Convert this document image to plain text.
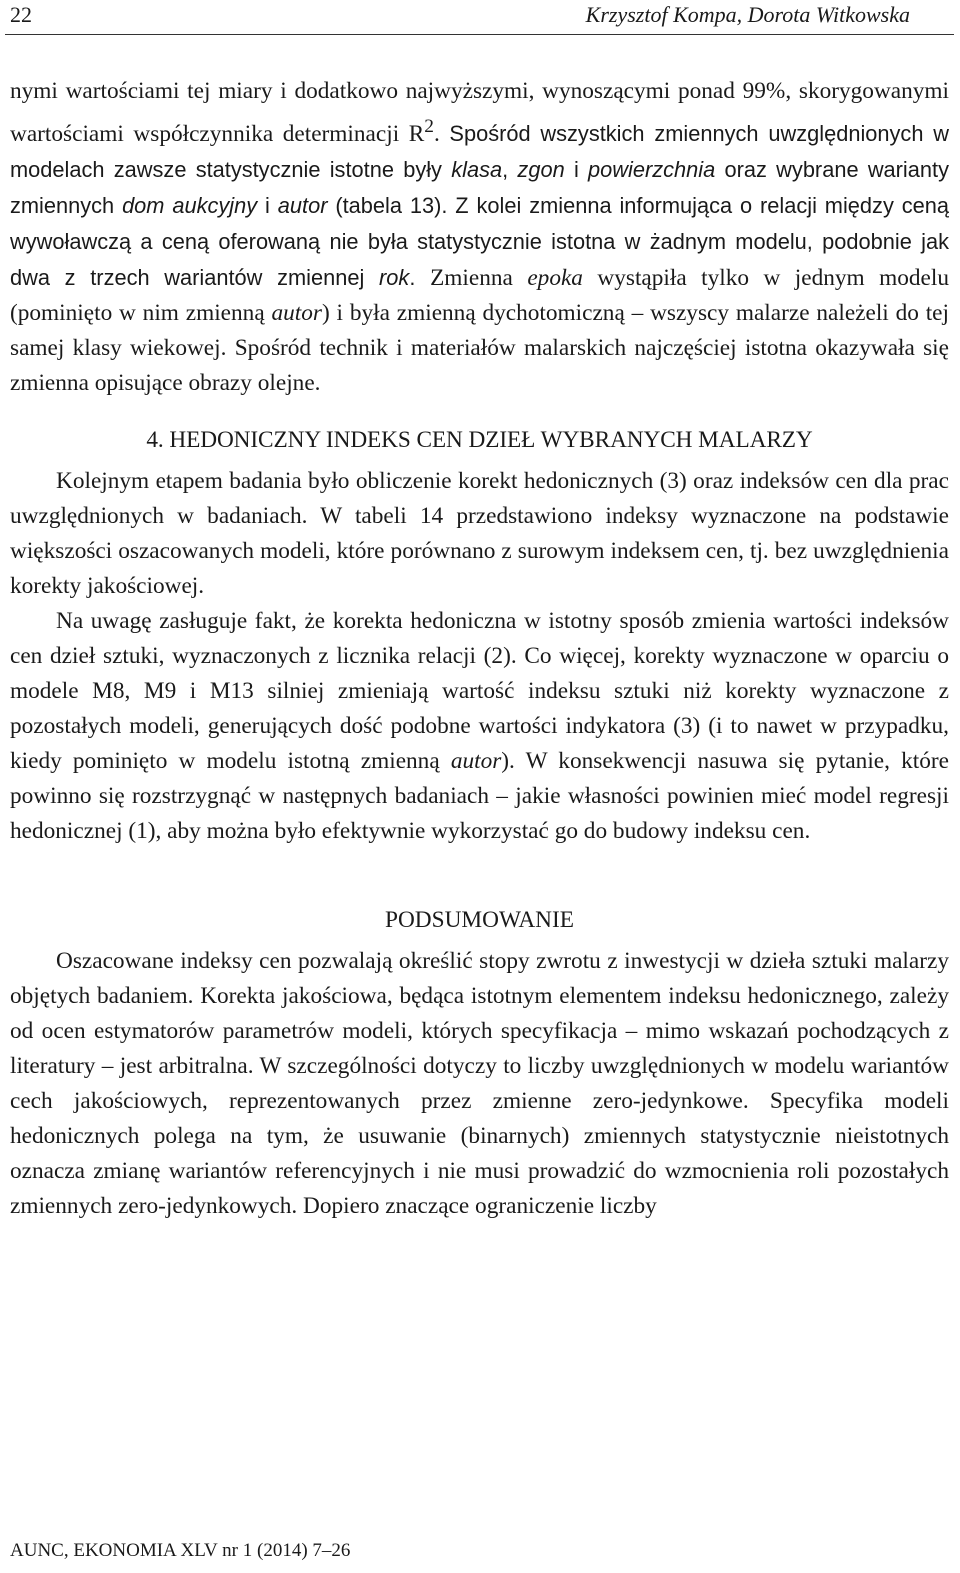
22	Krzysztof Kompa, Dorota Witkowska

nymi wartościami tej miary i dodatkowo najwyższymi, wynoszącymi ponad 99%, skorygowanymi wartościami współczynnika determinacji $R^2$. Spośród wszystkich zmiennych uwzględnionych w modelach zawsze statystycznie istotne były klasa, zgon i powierzchnia oraz wybrane warianty zmiennych dom aukcyjny i autor (tabela 13). Z kolei zmienna informująca o relacji między ceną wywoławczą a ceną oferowaną nie była statystycznie istotna w żadnym modelu, podobnie jak dwa z trzech wariantów zmiennej rok. Zmienna epoka wystąpiła tylko w jednym modelu (pominięto w nim zmienną autor) i była zmienną dychotomiczną – wszyscy malarze należeli do tej samej klasy wiekowej. Spośród technik i materiałów malarskich najczęściej istotna okazywała się zmienna opisujące obrazy olejne.

4. HEDONICZNY INDEKS CEN DZIEŁ WYBRANYCH MALARZY

Kolejnym etapem badania było obliczenie korekt hedonicznych (3) oraz indeksów cen dla prac uwzględnionych w badaniach. W tabeli 14 przedstawiono indeksy wyznaczone na podstawie większości oszacowanych modeli, które porównano z surowym indeksem cen, tj. bez uwzględnienia korekty jakościowej.

Na uwagę zasługuje fakt, że korekta hedoniczna w istotny sposób zmienia wartości indeksów cen dzieł sztuki, wyznaczonych z licznika relacji (2). Co więcej, korekty wyznaczone w oparciu o modele M8, M9 i M13 silniej zmieniają wartość indeksu sztuki niż korekty wyznaczone z pozostałych modeli, generujących dość podobne wartości indykatora (3) (i to nawet w przypadku, kiedy pominięto w modelu istotną zmienną autor). W konsekwencji nasuwa się pytanie, które powinno się rozstrzygnąć w następnych badaniach – jakie własności powinien mieć model regresji hedonicznej (1), aby można było efektywnie wykorzystać go do budowy indeksu cen.

PODSUMOWANIE

Oszacowane indeksy cen pozwalają określić stopy zwrotu z inwestycji w dzieła sztuki malarzy objętych badaniem. Korekta jakościowa, będąca istotnym elementem indeksu hedonicznego, zależy od ocen estymatorów parametrów modeli, których specyfikacja – mimo wskazań pochodzących z literatury – jest arbitralna. W szczególności dotyczy to liczby uwzględnionych w modelu wariantów cech jakościowych, reprezentowanych przez zmienne zero-jedynkowe. Specyfika modeli hedonicznych polega na tym, że usuwanie (binarnych) zmiennych statystycznie nieistotnych oznacza zmianę wariantów referencyjnych i nie musi prowadzić do wzmocnienia roli pozostałych zmiennych zero-jedynkowych. Dopiero znaczące ograniczenie liczby

AUNC, EKONOMIA XLV nr 1 (2014) 7–26
